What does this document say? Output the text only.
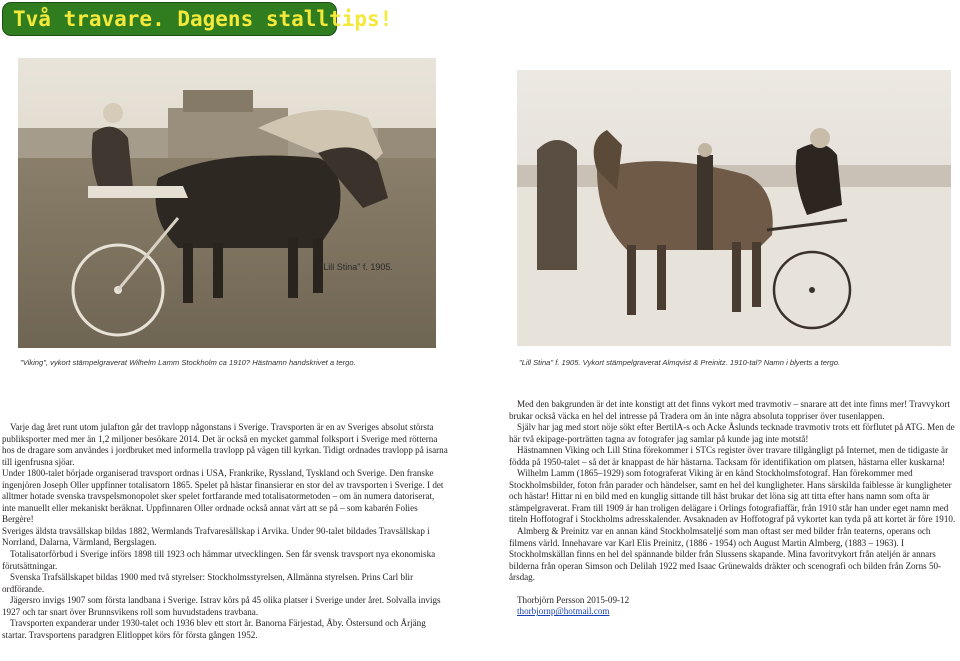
Två travare. Dagens stalltips!
"Lill Stina" f. 1905.
"Viking", vykort stämpelgraverat Wilhelm Lamm Stockholm ca 1910? Hästnamn handskrivet a tergo.	"Lill Stina" f. 1905. Vykort stämpelgraverat Almqvist & Preinitz. 1910-tal? Namn i blyerts a tergo.

Varje dag året runt utom julafton går det travlopp någonstans i Sverige. Travsporten är en av Sveriges absolut största publiksporter med mer än 1,2 miljoner besökare 2014. Det är också en mycket gammal folksport i Sverige med rötterna hos de dragare som användes i jordbruket med informella travlopp på vägen till kyrkan. Tidigt ordnades travlopp på isarna till igenfrusna sjöar.

Under 1800-talet började organiserad travsport ordnas i USA, Frankrike, Ryssland, Tyskland och Sverige. Den franske ingenjören Joseph Oller uppfinner totalisatorn 1865. Spelet på hästar finansierar en stor del av travsporten i Sverige. I det alltmer hotade svenska travspelsmonopolet sker spelet fortfarande med totalisatormetoden – om än numera datoriserat, inte manuellt eller mekaniskt beräknat. Uppfinnaren Oller ordnade också annat värt att se på – som kabarén Folies Bergère!

Sveriges äldsta travsällskap bildas 1882, Wermlands Trafvaresällskap i Arvika. Under 90-talet bildades Travsällskap i Norrland, Dalarna, Värmland, Bergslagen.

Totalisatorförbud i Sverige införs 1898 till 1923 och hämmar utvecklingen. Sen får svensk travsport nya ekonomiska förutsättningar.

Svenska Trafsällskapet bildas 1900 med två styrelser: Stockholmsstyrelsen, Allmänna styrelsen. Prins Carl blir ordförande.

Jägersro invigs 1907 som första landbana i Sverige. Istrav körs på 45 olika platser i Sverige under året. Solvalla invigs 1927 och tar snart över Brunnsvikens roll som huvudstadens travbana.

Travsporten expanderar under 1930-talet och 1936 blev ett stort år. Banorna Färjestad, Åby. Östersund och Årjäng startar. Travsportens paradgren Elitloppet körs för första gången 1952.

Med den bakgrunden är det inte konstigt att det finns vykort med travmotiv – snarare att det inte finns mer! Travvykort brukar också väcka en hel del intresse på Tradera om än inte några absoluta toppriser över tusenlappen.

Själv har jag med stort nöje sökt efter BertilA-s och Acke Åslunds tecknade travmotiv trots ett förflutet på ATG. Men de här två ekipage-porträtten tagna av fotografer jag samlar på kunde jag inte motstå!

Hästnamnen Viking och Lill Stina förekommer i STCs register över travare tillgängligt på Internet, men de tidigaste är födda på 1950-talet – så det är knappast de här hästarna. Tacksam för identifikation om platsen, hästarna eller kuskarna!

Wilhelm Lamm (1865–1929) som fotograferat Viking är en känd Stockholmsfotograf. Han förekommer med Stockholmsbilder, foton från parader och händelser, samt en hel del kungligheter. Hans särskilda faiblesse är kungligheter och hästar! Hittar ni en bild med en kunglig sittande till häst brukar det löna sig att titta efter hans namn som ofta är stämpelgraverat. Fram till 1909 är han troligen delägare i Orlings fotografiaffär, från 1910 står han under eget namn med titeln Hoffotograf i Stockholms adresskalender. Avsaknaden av Hoffotograf på vykortet kan tyda på att kortet är före 1910.

Almberg & Preinitz var en annan känd Stockholmsateljé som man oftast ser med bilder från teaterns, operans och filmens värld. Innehavare var Karl Elis Preinitz, (1886 - 1954) och August Martin Almberg, (1883 – 1963). I Stockholmskällan finns en hel del spännande bilder från Slussens skapande. Mina favoritvykort från ateljén är annars bilderna från operan Simson och Delilah 1922 med Isaac Grünewalds dräkter och scenografi och bilden från Zorns 50-årsdag.

Thorbjörn Persson 2015-09-12

thorbjornp@hotmail.com
